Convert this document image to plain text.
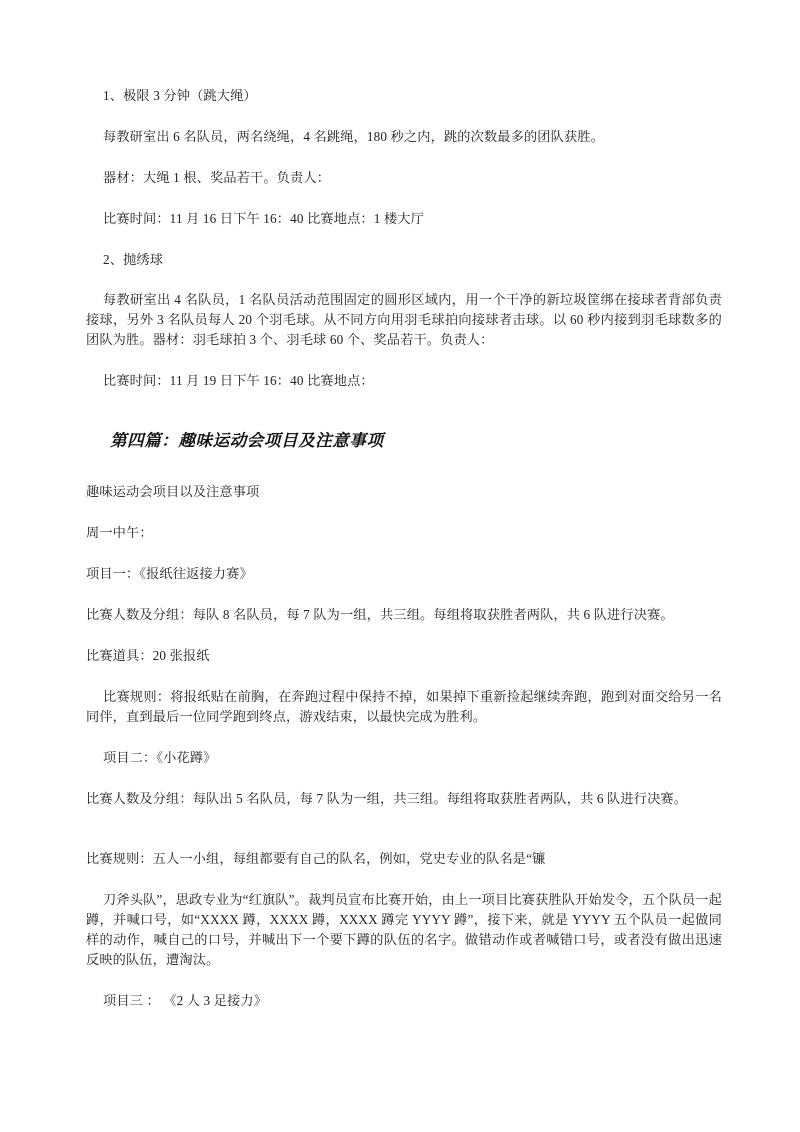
1、极限 3 分钟（跳大绳）

每教研室出 6 名队员，两名绕绳，4 名跳绳，180 秒之内，跳的次数最多的团队获胜。

器材：大绳 1 根、奖品若干。负责人：

比赛时间：11 月 16 日下午 16：40 比赛地点：1 楼大厅

2、抛绣球

每教研室出 4 名队员，1 名队员活动范围固定的圆形区域内，用一个干净的新垃圾筐绑在接球者背部负责接球，另外 3 名队员每人 20 个羽毛球。从不同方向用羽毛球拍向接球者击球。以 60 秒内接到羽毛球数多的团队为胜。器材：羽毛球拍 3 个、羽毛球 60 个、奖品若干。负责人：

比赛时间：11 月 19 日下午 16：40 比赛地点：

第四篇：趣味运动会项目及注意事项

趣味运动会项目以及注意事项

周一中午：

项目一：《报纸往返接力赛》

比赛人数及分组：每队 8 名队员，每 7 队为一组，共三组。每组将取获胜者两队，共 6 队进行决赛。

比赛道具：20 张报纸

比赛规则：将报纸贴在前胸，在奔跑过程中保持不掉，如果掉下重新捡起继续奔跑，跑到对面交给另一名同伴，直到最后一位同学跑到终点，游戏结束，以最快完成为胜利。

项目二：《小花蹲》

比赛人数及分组：每队出 5 名队员，每 7 队为一组，共三组。每组将取获胜者两队，共 6 队进行决赛。

比赛规则：五人一小组，每组都要有自己的队名，例如，党史专业的队名是“镰

刀斧头队”，思政专业为“红旗队”。裁判员宣布比赛开始，由上一项目比赛获胜队开始发令，五个队员一起蹲，并喊口号，如“XXXX 蹲，XXXX 蹲，XXXX 蹲完 YYYY 蹲”，接下来，就是 YYYY 五个队员一起做同样的动作，喊自己的口号，并喊出下一个要下蹲的队伍的名字。做错动作或者喊错口号，或者没有做出迅速反映的队伍，遭淘汰。

项目三 ： 《2 人 3 足接力》
